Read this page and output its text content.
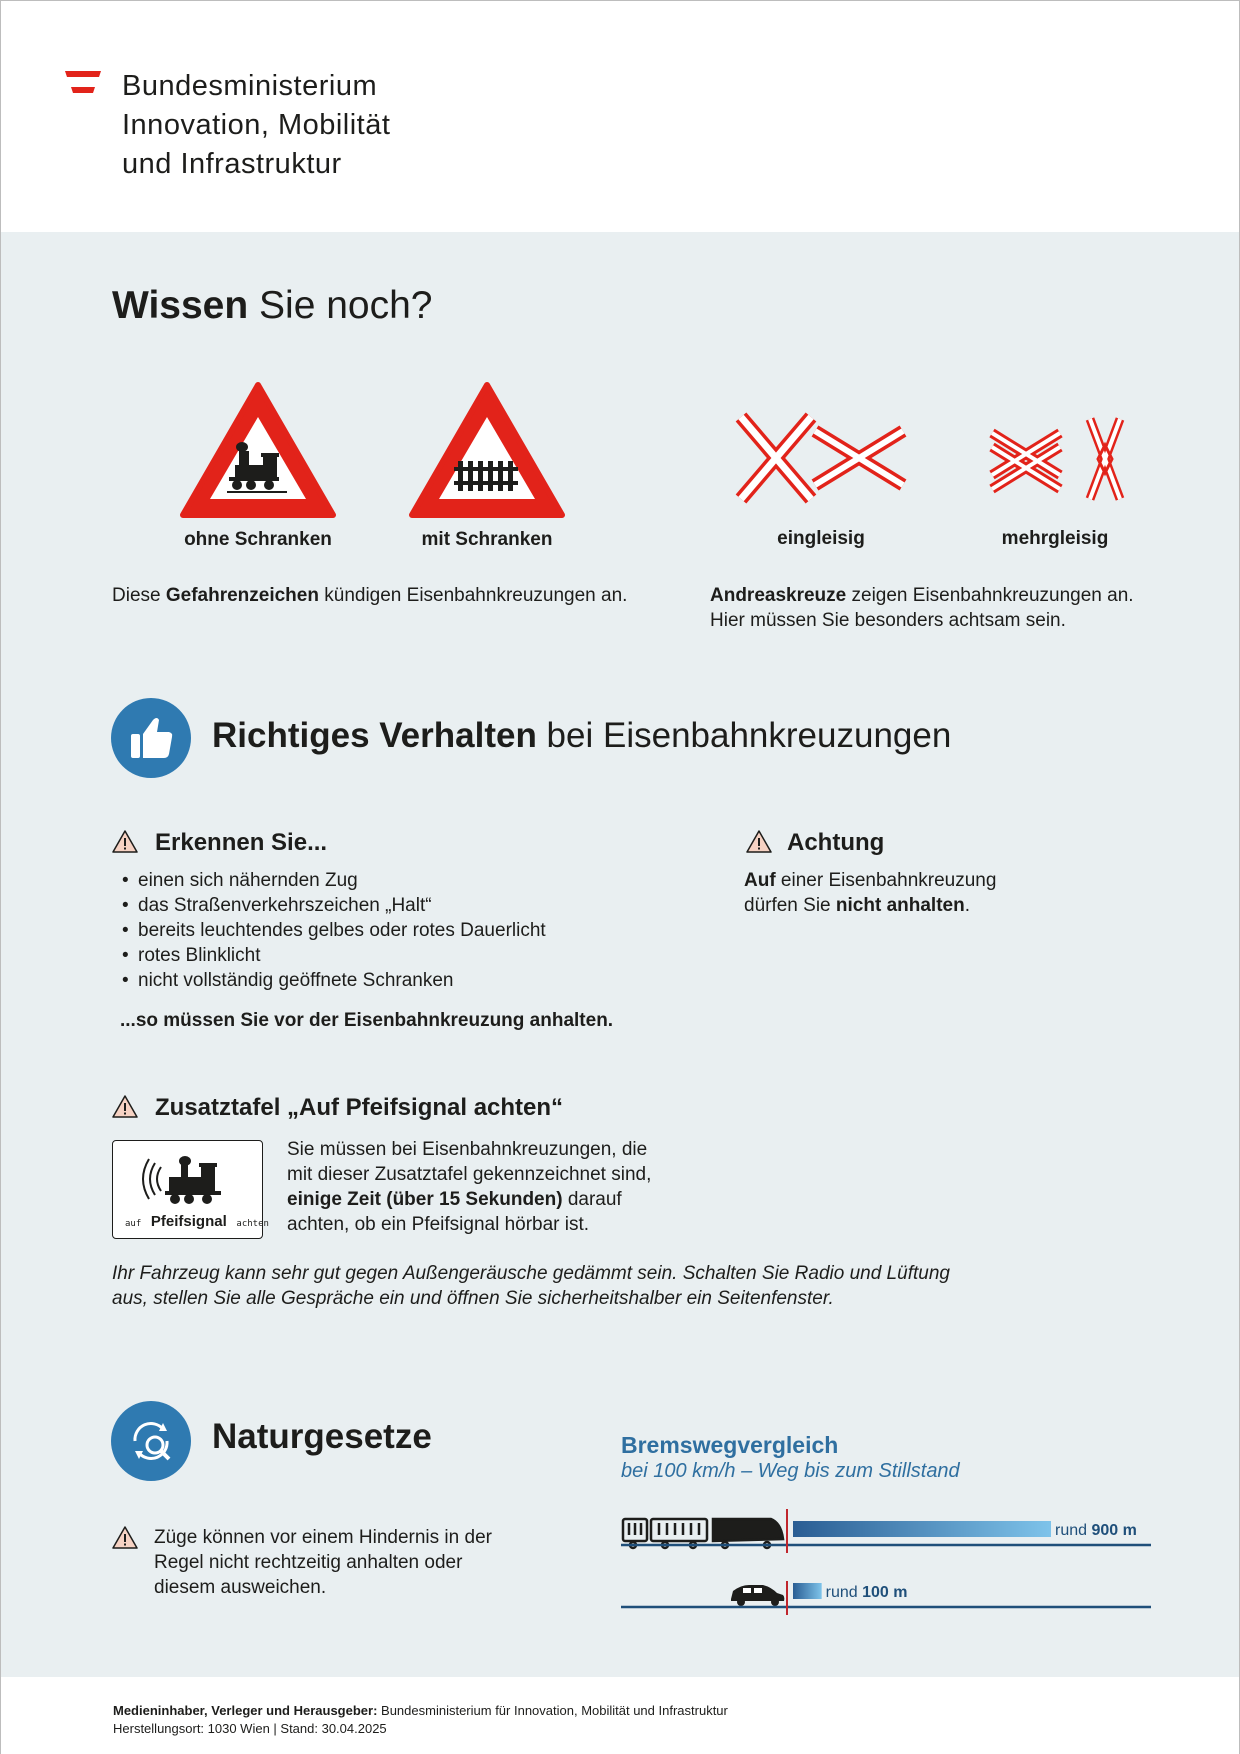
Bundesministerium
Innovation, Mobilität
und Infrastruktur
Wissen Sie noch?
ohne Schranken	mit Schranken	eingleisig	mehrgleisig
Diese Gefahrenzeichen kündigen Eisenbahnkreuzungen an.	Andreaskreuze zeigen Eisenbahnkreuzungen an.
Hier müssen Sie besonders achtsam sein.
Richtiges Verhalten bei Eisenbahnkreuzungen
Erkennen Sie...
• einen sich nähernden Zug
• das Straßenverkehrszeichen „Halt“
• bereits leuchtendes gelbes oder rotes Dauerlicht
• rotes Blinklicht
• nicht vollständig geöffnete Schranken
...so müssen Sie vor der Eisenbahnkreuzung anhalten.
Achtung
Auf einer Eisenbahnkreuzung
dürfen Sie nicht anhalten.
Zusatztafel „Auf Pfeifsignal achten“
auf Pfeifsignal achten
Sie müssen bei Eisenbahnkreuzungen, die
mit dieser Zusatztafel gekennzeichnet sind,
einige Zeit (über 15 Sekunden) darauf
achten, ob ein Pfeifsignal hörbar ist.
Ihr Fahrzeug kann sehr gut gegen Außengeräusche gedämmt sein. Schalten Sie Radio und Lüftung
aus, stellen Sie alle Gespräche ein und öffnen Sie sicherheitshalber ein Seitenfenster.
Naturgesetze
Züge können vor einem Hindernis in der
Regel nicht rechtzeitig anhalten oder
diesem ausweichen.
Bremswegvergleich
bei 100 km/h – Weg bis zum Stillstand
rund 900 m
rund 100 m
Medieninhaber, Verleger und Herausgeber: Bundesministerium für Innovation, Mobilität und Infrastruktur
Herstellungsort: 1030 Wien | Stand: 30.04.2025
